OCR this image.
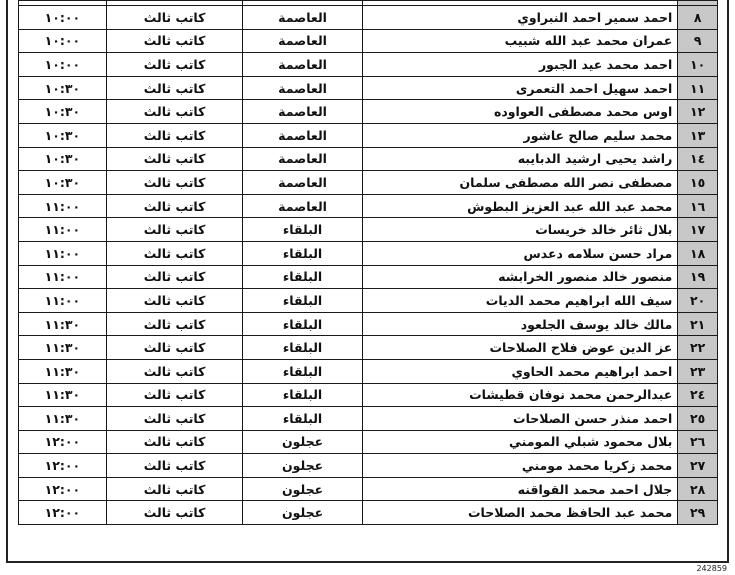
٨	احمد سمير احمد النبراوي	العاصمة	كاتب ثالث	١٠:٠٠
٩	عمران محمد عبد الله شبيب	العاصمة	كاتب ثالث	١٠:٠٠
١٠	احمد محمد عيد الجبور	العاصمة	كاتب ثالث	١٠:٠٠
١١	احمد سهيل احمد التعمرى	العاصمة	كاتب ثالث	١٠:٣٠
١٢	اوس محمد مصطفى العواوده	العاصمة	كاتب ثالث	١٠:٣٠
١٣	محمد سليم صالح عاشور	العاصمة	كاتب ثالث	١٠:٣٠
١٤	راشد يحيى ارشيد الدبايبه	العاصمة	كاتب ثالث	١٠:٣٠
١٥	مصطفى نصر الله مصطفى سلمان	العاصمة	كاتب ثالث	١٠:٣٠
١٦	محمد عبد الله عبد العزيز البطوش	العاصمة	كاتب ثالث	١١:٠٠
١٧	بلال ثائر خالد خريسات	البلقاء	كاتب ثالث	١١:٠٠
١٨	مراد حسن سلامه دعدس	البلقاء	كاتب ثالث	١١:٠٠
١٩	منصور خالد منصور الخرابشه	البلقاء	كاتب ثالث	١١:٠٠
٢٠	سيف الله ابراهيم محمد الديات	البلقاء	كاتب ثالث	١١:٠٠
٢١	مالك خالد يوسف الجلعود	البلقاء	كاتب ثالث	١١:٣٠
٢٢	عز الدين عوض فلاح الصلاحات	البلقاء	كاتب ثالث	١١:٣٠
٢٣	احمد ابراهيم محمد الحاوي	البلقاء	كاتب ثالث	١١:٣٠
٢٤	عبدالرحمن محمد نوفان قطيشات	البلقاء	كاتب ثالث	١١:٣٠
٢٥	احمد منذر حسن الصلاحات	البلقاء	كاتب ثالث	١١:٣٠
٢٦	بلال محمود شبلي المومني	عجلون	كاتب ثالث	١٢:٠٠
٢٧	محمد زكريا محمد مومني	عجلون	كاتب ثالث	١٢:٠٠
٢٨	جلال احمد محمد القواقنه	عجلون	كاتب ثالث	١٢:٠٠
٢٩	محمد عبد الحافظ محمد الصلاحات	عجلون	كاتب ثالث	١٢:٠٠
242859
